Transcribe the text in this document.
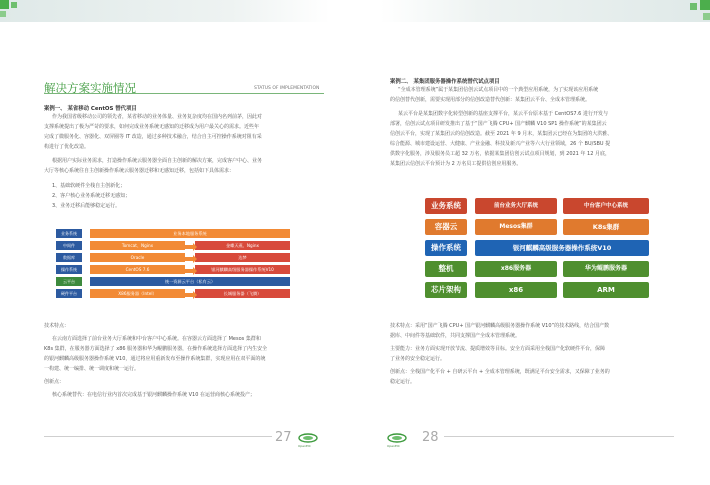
解决方案实施情况	STATUS OF IMPLEMENTATION
案例一、 某省移动 CentOS 替代项目
作为我国省级移动公司的领先者，某省移动的业务体量、业务复杂度均在国内名列前茅，因此对
支撑系统提出了极为严苛的要求，如何完成业务系统无感知的迁移成为用户最关心的需求。近些年
完成了微服务化、容器化、双屏圈等 IT 改造，通过多种技术融合，结合自主可控操作系统对阻有采
构进行了优化改造。
根据用户实际业务需求，打造操作系统云服务器全面自主创新的解决方案，完成客户中心、业务
大厅等核心系统往自主创新操作系统云服务器迁移和无感知迁移，包括如下具体需求：
1、基础软硬件全栈自主创新化；
2、客户核心业务系统迁移无感知；
3、业务迁移后能够稳定运行。
业务系统	业务本地服务系统
中间件	Tomcat、Nginx	金蝶天燕、Nginx
数据库	Oracle	达梦
操作系统	CentOS 7.6	银河麒麟高级服务器操作系统V10
云平台	统一资源云平台（私有云）
硬件平台	X86服务器（Intel）	长城服务器（飞腾）
技术特点：
在云南方面选择了前台业务大厅系统和中台客户中心系统。在容器云方面选择了 Mesos 集群和
K8s 集群，在服务器方面选择了 x86 服务器和华为鲲鹏服务器，在操作系统选择方面选择了内生安全
的银河麒麟高级服务器操作系统 V10，通过将应用重新发布至操作系统集群，实现应用在双平面的统
一构建、统一编排、统一调度和统一运行。
创新点：
核心系统替代：在电信行业内首次完成基于银河麒麟操作系统 V10 在运营商核心系统投产；
27
OpenEIC
案例二、 某集团服务器操作系统替代试点项目
“全成本管理系统”属于某集团信创云试点项目中的一个典型应用系统，为了实现该应用系统
的信创替代创新，需要实现用部分的信创改造替代创新：某集团云平台、全成本管理系统。
某云平台是某集团数字化转型创新的基座支撑平台，某云平台原本基于 CentOS7.6 进行开发与
部署，信创云试点项目研发推出了基于“国产飞腾 CPU+ 国产麒麟 V10 SP1 操作系统”的某集团云
信创云平台，实现了某集团云的信创改造。截至 2021 年 9 月末，某集团云已经在为集团的大洪雅、
综合能源、城市建设运营、大健康、产业金融、科技及新兴产业等六大行业领域，26 个 BU/SBU 提
供数字化服务，涉及服务员工超 32 万名，依据某集团信创云试点项目规划，到 2021 年 12 月底，
某集团云信创云平台预计为 2 万名员工提供信创应用服务。
业务系统	前台业务大厅系统	中台客户中心系统
容器云	Mesos集群	K8s集群
操作系统	银河麒麟高级服务器操作系统V10
整机	x86服务器	华为鲲鹏服务器
芯片架构	x86	ARM
技术特点：采用“国产飞腾 CPU+ 国产银河麒麟高级服务器操作系统 V10”的技术路线，结合国产数
据库、中间件等基础软件，共同支撑国产全成本管理系统。
主要能力：业务方面实现开放节流、提质增效等目标。安全方面采用全栈国产化软硬件平台，保障
了业务的安全稳定运行。
创新点：全栈国产化平台 + 自研云平台 + 全成本管理系统，既满足平台安全需求，又保障了业务的
稳定运行。
OpenEIC
28
